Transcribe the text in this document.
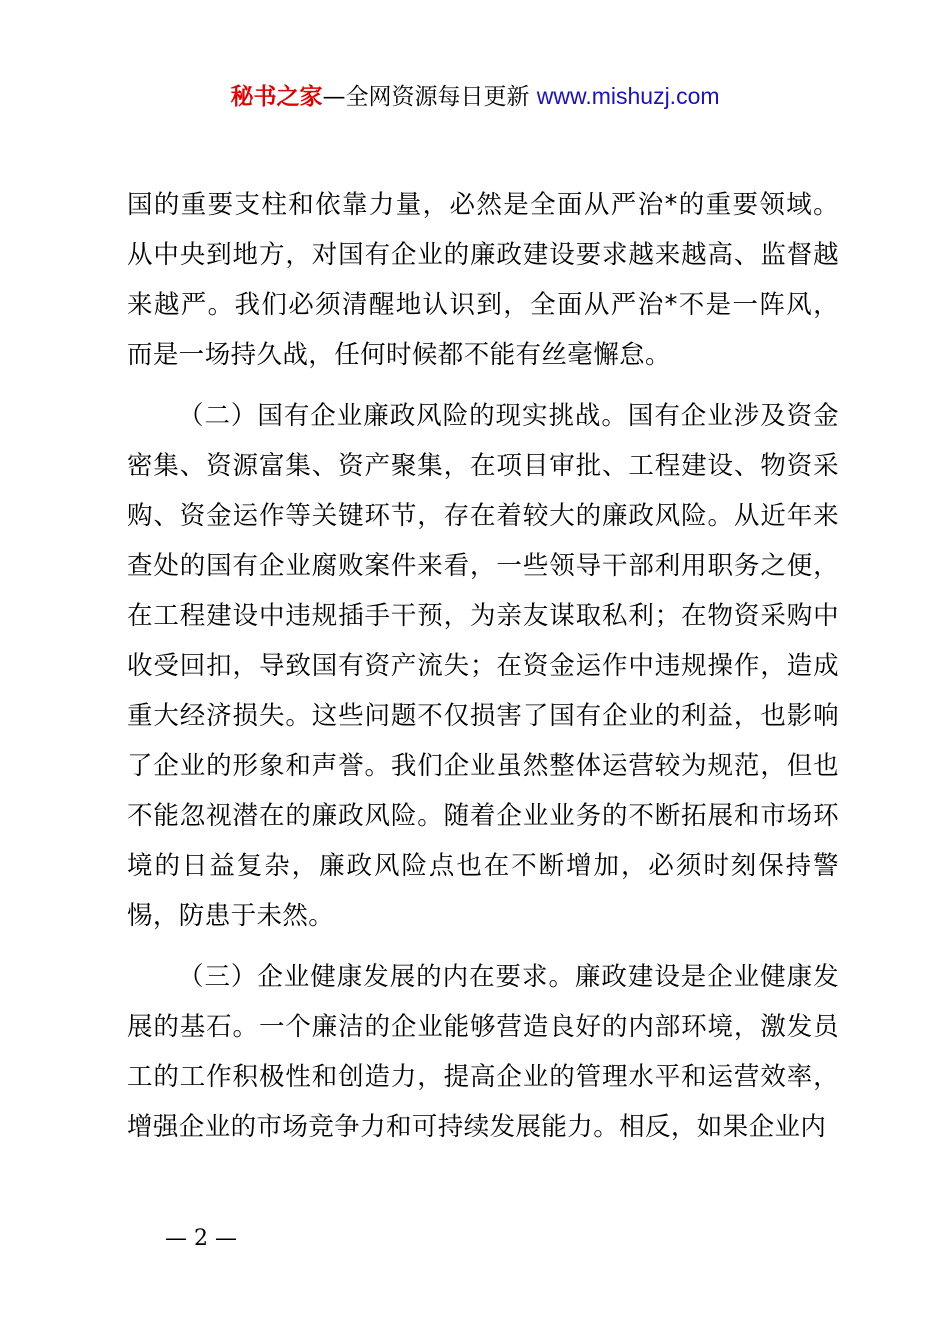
秘书之家—全网资源每日更新 www.mishuzj.com

国的重要支柱和依靠力量，必然是全面从严治*的重要领域。从中央到地方，对国有企业的廉政建设要求越来越高、监督越来越严。我们必须清醒地认识到，全面从严治*不是一阵风，而是一场持久战，任何时候都不能有丝毫懈怠。

（二）国有企业廉政风险的现实挑战。国有企业涉及资金密集、资源富集、资产聚集，在项目审批、工程建设、物资采购、资金运作等关键环节，存在着较大的廉政风险。从近年来查处的国有企业腐败案件来看，一些领导干部利用职务之便，在工程建设中违规插手干预，为亲友谋取私利；在物资采购中收受回扣，导致国有资产流失；在资金运作中违规操作，造成重大经济损失。这些问题不仅损害了国有企业的利益，也影响了企业的形象和声誉。我们企业虽然整体运营较为规范，但也不能忽视潜在的廉政风险。随着企业业务的不断拓展和市场环境的日益复杂，廉政风险点也在不断增加，必须时刻保持警惕，防患于未然。

（三）企业健康发展的内在要求。廉政建设是企业健康发展的基石。一个廉洁的企业能够营造良好的内部环境，激发员工的工作积极性和创造力，提高企业的管理水平和运营效率，增强企业的市场竞争力和可持续发展能力。相反，如果企业内

— 2 —
